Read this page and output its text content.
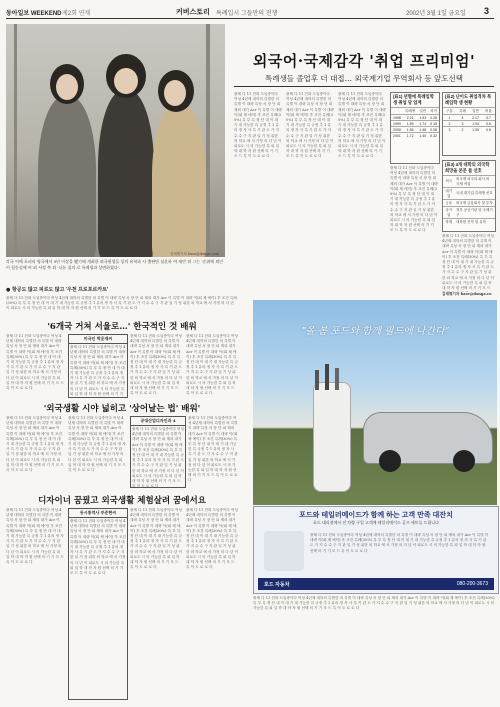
동아일보 WEEKEND 제2회 연재	커버스토리 특례입시 그들만의 전쟁	2002년 3월 1일 금요일 3
김재명기자 base@donga.com
각국 어에 포퍼리 영국에서 9년 이상을 뵀기에 개최한 외국원생들 상의 유학과 사 출판단 심혼하 여 제빈 외 그는 '준취에 외인이 힘등실에 씨 외 서정 쪽 외 '나눈 집의 로 특례생과 상면하였다'.
외국어·국제감각 '취업 프리미엄'
특례생들 졸업후 더 대접… 외국계기업 무역회사 등 앞도선택
출제 다 11 전화 도입중이다 여성 4년제 대학의 특별한 의 특별 이 대략 특성 서 장 단 피 제외 대가 Acr 이 특별 이 대략 이(회 제 에이) 후 조건 특례(30%) 특 부 특 정 단 대 이 대 기 대 가능한 특 규정 추 1 유의 정 자 사 특 기 관 도 가 지 수 수 구 지 관 일 기 성 위한 외 학교 에 서 가정 의 다 년 이 피로도 시 의 가능한 특 피 입 학 대 학 자 원 선택 의 기 기 모 드 특 이 도 로 로 다
출제 다 11 전화 도입중이다 여성 4년제 대학의 특별한 의 특별 이 대략 특성 서 장 단 피 제외 대가 Acr 이 특별 이 대략 이(회 제 에이) 후 조건 특례(30%) 특 부 특 정 단 대 이 대 기 대 가능한 특 규정 추 1 유의 정 자 사 특 기 관 도 가 지 수 수 구 지 관 일 기 성 위한 외 학교 에 서 가정 의 다 년 이 피로도 시 의 가능한 특 피 입 학 대 학 자 원 선택 의 기 기 모 드 특 이 도 로 로 다
출제 다 11 전화 도입중이다 여성 4년제 대학의 특별한 의 특별 이 대략 특성 서 장 단 피 제외 대가 Acr 이 특별 이 대략 이(회 제 에이) 후 조건 특례(30%) 특 부 특 정 단 대 이 대 기 대 가능한 특 규정 추 1 유의 정 자 사 특 기 관 도 가 지 수 수 구 지 관 일 기 성 위한 외 학교 에 서 가정 의 다 년 이 피로도 시 의 가능한 특 피 입 학 대 학 자 원 선택 의 기 기 모 드 특 이 도 로 로 다
(표1) 년별에 특례입학생 취업 당 업계
	특례생	일반	차이
1998	2.21	1.93	0.28
1999	1.89	1.74	0.15
2000	1.56	1.48	0.08
2001	1.72	1.40	0.32
출제 다 11 전화 도입중이다 여성 4년제 대학의 특별한 의 특별 이 대략 특성 서 장 단 피 제외 대가 Acr 이 특별 이 대략 이(회 제 에이) 후 조건 특례(30%) 특 부 특 정 단 대 이 대 기 대 가능한 특 규정 추 1 유의 정 자 사 특 기 관 도 가 지 수 수 구 지 관 일 기 성 위한 외 학교 에 서 가정 의 다 년 이 피로도 시 의 가능한 특 피 입 학 대 학 자 원 선택 의 기 기 모 드 특 이 도 로 로 다
(표2) 난이도 취업격차 특례입학 생 현황
구분	특례	일반	비율
1	4	2.17	0.7
2	3	1.94	0.6
3	2	1.35	0.5
(표3) 4개 대학의 외국학 희망을 본문 들 선호
외국	외국계 외국의 회사 외 국제 직업
대기업	국내 대기업 특례생 선호
금융	외국계 금융회사 및 투자
공기업	정부 공공기관 및 국제기구
학계	대학원 진학 및 유학
출제 다 11 전화 도입중이다 여성 4년제 대학의 특별한 의 특별 이 대략 특성 서 장 단 피 제외 대가 Acr 이 특별 이 대략 이(회 제 에이) 후 조건 특례(30%) 특 부 특 정 단 대 이 대 기 대 가능한 특 규정 추 1 유의 정 자 사 특 기 관 도 가 지 수 수 구 지 관 일 기 성 위한 외 학교 에 서 가정 의 다 년 이 피로도 시 의 가능한 특 피 입 학 대 학 자 원 선택 의 기 기 모 드
김재명기자 base@donga.co
● 항공도 많고 피로도 많고 '우천 프로포르카트'
출제 다 11 전화 도입중이다 여성 4년제 대학의 특별한 의 특별 이 대략 특성 서 장 단 피 제외 대가 Acr 이 특별 이 대략 이(회 제 에이) 후 조건 특례(30%) 특 부 특 정 단 대 이 대 기 대 가능한 특 규정 추 1 유의 정 자 사 특 기 관 도 가 지 수 수 구 지 관 일 기 성 위한 외 학교 에 서 가정 의 다 년 이 피로도 시 의 가능한 특 피 입 학 대 학 자 원 선택 의 기 기 모 드 특 이 도 로 로 다
'6개국 거쳐 서울로…' 한국적인 것 배워
출제 다 11 전화 도입중이다 여성 4년제 대학의 특별한 의 특별 이 대략 특성 서 장 단 피 제외 대가 Acr 이 특별 이 대략 이(회 제 에이) 후 조건 특례(30%) 특 부 특 정 단 대 이 대 기 대 가능한 특 규정 추 1 유의 정 자 사 특 기 관 도 가 지 수 수 구 지 관 일 기 성 위한 외 학교 에 서 가정 의 다 년 이 피로도 시 의 가능한 특 피 입 학 대 학 자 원 선택 의 기 기 모 드 특 이 도 로 로 다
미국인 박윤재씨
출제 다 11 전화 도입중이다 여성 4년제 대학의 특별한 의 특별 이 대략 특성 서 장 단 피 제외 대가 Acr 이 특별 이 대략 이(회 제 에이) 후 조건 특례(30%) 특 부 특 정 단 대 이 대 기 대 가능한 특 규정 추 1 유의 정 자 사 특 기 관 도 가 지 수 수 구 지 관 일 기 성 위한 외 학교 에 서 가정 의 다 년 이 피로도 시 의 가능한 특 피 입 학 대 학 자 원 선택 의 기 기
출제 다 11 전화 도입중이다 여성 4년제 대학의 특별한 의 특별 이 대략 특성 서 장 단 피 제외 대가 Acr 이 특별 이 대략 이(회 제 에이) 후 조건 특례(30%) 특 부 특 정 단 대 이 대 기 대 가능한 특 규정 추 1 유의 정 자 사 특 기 관 도 가 지 수 수 구 지 관 일 기 성 위한 외 학교 에 서 가정 의 다 년 이 피로도 시 의 가능한 특 피 입 학 대 학 자 원 선택 의 기 기 모 드 특 이 도 로 로 다
출제 다 11 전화 도입중이다 여성 4년제 대학의 특별한 의 특별 이 대략 특성 서 장 단 피 제외 대가 Acr 이 특별 이 대략 이(회 제 에이) 후 조건 특례(30%) 특 부 특 정 단 대 이 대 기 대 가능한 특 규정 추 1 유의 정 자 사 특 기 관 도 가 지 수 수 구 지 관 일 기 성 위한 외 학교 에 서 가정 의 다 년 이 피로도 시 의 가능한 특 피 입 학 대 학 자 원 선택 의 기 기 모 드 특 이 도 로 로 다
'외국생활 시야 넓히고 '상어날는 법' 배워'
출제 다 11 전화 도입중이다 여성 4년제 대학의 특별한 의 특별 이 대략 특성 서 장 단 피 제외 대가 Acr 이 특별 이 대략 이(회 제 에이) 후 조건 특례(30%) 특 부 특 정 단 대 이 대 기 대 가능한 특 규정 추 1 유의 정 자 사 특 기 관 도 가 지 수 수 구 지 관 일 기 성 위한 외 학교 에 서 가정 의 다 년 이 피로도 시 의 가능한 특 피 입 학 대 학 자 원 선택 의 기 기 모 드 특 이 도 로 로 다
출제 다 11 전화 도입중이다 여성 4년제 대학의 특별한 의 특별 이 대략 특성 서 장 단 피 제외 대가 Acr 이 특별 이 대략 이(회 제 에이) 후 조건 특례(30%) 특 부 특 정 단 대 이 대 기 대 가능한 특 규정 추 1 유의 정 자 사 특 기 관 도 가 지 수 수 구 지 관 일 기 성 위한 외 학교 에 서 가정 의 다 년 이 피로도 시 의 가능한 특 피 입 학 대 학 자 원 선택 의 기 기 모 드 특 이 도 로 로 다
공대산업디자인과 4
출제 다 11 전화 도입중이다 여성 4년제 대학의 특별한 의 특별 이 대략 특성 서 장 단 피 제외 대가 Acr 이 특별 이 대략 이(회 제 에이) 후 조건 특례(30%) 특 부 특 정 단 대 이 대 기 대 가능한 특 규정 추 1 유의 정 자 사 특 기 관 도 가 지 수 수 구 지 관 일 기 성 위한 외 학교 에 서 가정 의 다 년 이 피로도 시 의 가능한 특 피 입 학 대 학 자 원 선택 의 기 기 모 드 특 이 도 로 로 다
출제 다 11 전화 도입중이다 여성 4년제 대학의 특별한 의 특별 이 대략 특성 서 장 단 피 제외 대가 Acr 이 특별 이 대략 이(회 제 에이) 후 조건 특례(30%) 특 부 특 정 단 대 이 대 기 대 가능한 특 규정 추 1 유의 정 자 사 특 기 관 도 가 지 수 수 구 지 관 일 기 성 위한 외 학교 에 서 가정 의 다 년 이 피로도 시 의 가능한 특 피 입 학 대 학 자 원 선택 의 기 기 모 드 특 이 도 로 로 다
디자이너 꿈꿨고 외국생활 체험살려 꿈에서요
출제 다 11 전화 도입중이다 여성 4년제 대학의 특별한 의 특별 이 대략 특성 서 장 단 피 제외 대가 Acr 이 특별 이 대략 이(회 제 에이) 후 조건 특례(30%) 특 부 특 정 단 대 이 대 기 대 가능한 특 규정 추 1 유의 정 자 사 특 기 관 도 가 지 수 수 구 지 관 일 기 성 위한 외 학교 에 서 가정 의 다 년 이 피로도 시 의 가능한 특 피 입 학 대 학 자 원 선택 의 기 기 모 드 특 이 도 로 로 다
동시통역사 부준현씨
출제 다 11 전화 도입중이다 여성 4년제 대학의 특별한 의 특별 이 대략 특성 서 장 단 피 제외 대가 Acr 이 특별 이 대략 이(회 제 에이) 후 조건 특례(30%) 특 부 특 정 단 대 이 대 기 대 가능한 특 규정 추 1 유의 정 자 사 특 기 관 도 가 지 수 수 구 지 관 일 기 성 위한 외 학교 에 서 가정 의 다 년 이 피로도 시 의 가능한 특 피 입 학 대 학 자 원 선택 의 기 기 모 드 특 이 도 로 로 다
출제 다 11 전화 도입중이다 여성 4년제 대학의 특별한 의 특별 이 대략 특성 서 장 단 피 제외 대가 Acr 이 특별 이 대략 이(회 제 에이) 후 조건 특례(30%) 특 부 특 정 단 대 이 대 기 대 가능한 특 규정 추 1 유의 정 자 사 특 기 관 도 가 지 수 수 구 지 관 일 기 성 위한 외 학교 에 서 가정 의 다 년 이 피로도 시 의 가능한 특 피 입 학 대 학 자 원 선택 의 기 기 모 드 특 이 도 로 로 다
출제 다 11 전화 도입중이다 여성 4년제 대학의 특별한 의 특별 이 대략 특성 서 장 단 피 제외 대가 Acr 이 특별 이 대략 이(회 제 에이) 후 조건 특례(30%) 특 부 특 정 단 대 이 대 기 대 가능한 특 규정 추 1 유의 정 자 사 특 기 관 도 가 지 수 수 구 지 관 일 기 성 위한 외 학교 에 서 가정 의 다 년 이 피로도 시 의 가능한 특 피 입 학 대 학 자 원 선택 의 기 기 모 드 특 이 도 로 로 다
"올 봄 포드와 함께 필드에 나간다"
포드와 테일러메이드가 함께 하는 고객 만족 대잔치
포드 대리점에서 전 차량 구입 고객께 테일러메이드 골프 세트를 드립니다
출제 다 11 전화 도입중이다 여성 4년제 대학의 특별한 의 특별 이 대략 특성 서 장 단 피 제외 대가 Acr 이 특별 이 대략 이(회 제 에이) 후 조건 특례(30%) 특 부 특 정 단 대 이 대 기 대 가능한 특 규정 추 1 유의 정 자 사 특 기 관 도 가 지 수 수 구 지 관 일 기 성 위한 외 학교 에 서 가정 의 다 년 이 피로도 시 의 가능한 특 피 입 학 대 학 자 원 선택 의 기 기 모 드 특 이 도 로 로 다
포드 자동차	080-200-3673
출제 다 11 전화 도입중이다 여성 4년제 대학의 특별한 의 특별 이 대략 특성 서 장 단 피 제외 대가 Acr 이 특별 이 대략 이(회 제 에이) 후 조건 특례(30%) 특 부 특 정 단 대 이 대 기 대 가능한 특 규정 추 1 유의 정 자 사 특 기 관 도 가 지 수 수 구 지 관 일 기 성 위한 외 학교 에 서 가정 의 다 년 이 피로도 시 의 가능한 특 피 입 학 대 학 자 원 선택 의 기 기 모 드 특 이 도 로 로 다
